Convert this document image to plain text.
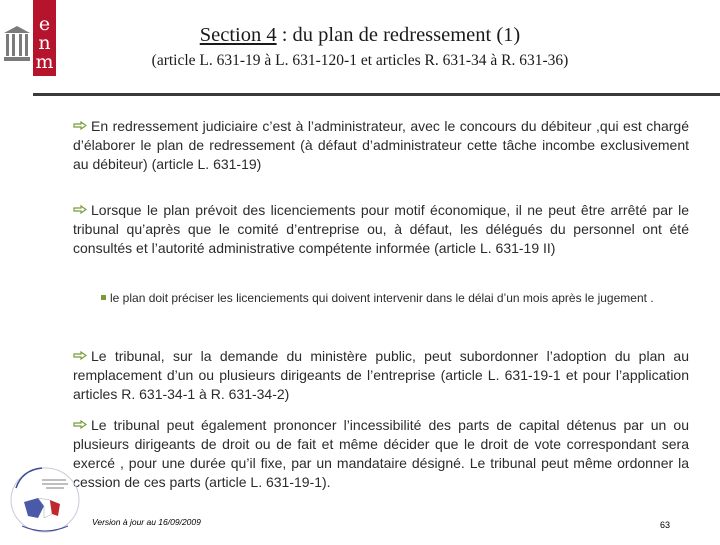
e
n
m
Section 4 : du plan de redressement (1)
(article L. 631-19 à L. 631-120-1 et articles R. 631-34 à R. 631-36)
En redressement judiciaire c’est à l’administrateur, avec le concours du débiteur ,qui est chargé d’élaborer le plan de redressement (à défaut d’administrateur cette tâche incombe exclusivement au débiteur) (article L. 631-19)
Lorsque le plan prévoit des licenciements pour motif économique, il ne peut être arrêté par le tribunal qu’après que le comité d’entreprise ou, à défaut, les délégués du personnel ont été consultés et l’autorité administrative compétente informée (article L. 631-19 II)
le plan doit préciser les licenciements qui doivent intervenir dans le délai d’un mois après le jugement .
Le tribunal, sur la demande du ministère public, peut subordonner l’adoption du plan au remplacement d’un ou plusieurs dirigeants de l’entreprise (article L. 631-19-1 et pour l’application articles R. 631-34-1 à R. 631-34-2)
Le tribunal peut également prononcer l’incessibilité des parts de capital détenus par un ou plusieurs dirigeants de droit ou de fait et même décider que le droit de vote correspondant sera exercé , pour une durée qu’il fixe, par un mandataire désigné. Le tribunal peut même ordonner la cession de ces parts (article L. 631-19-1).
Version à jour au 16/09/2009	63
